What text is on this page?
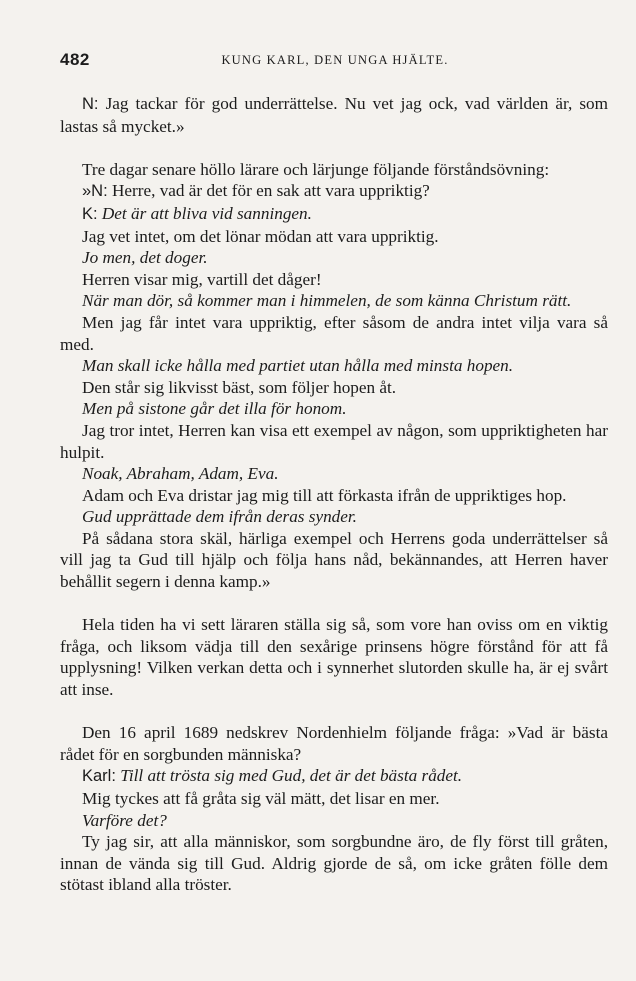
482	KUNG KARL, DEN UNGA HJÄLTE.

N: Jag tackar för god underrättelse. Nu vet jag ock, vad världen är, som lastas så mycket.»

Tre dagar senare höllo lärare och lärjunge följande förståndsövning:

»N: Herre, vad är det för en sak att vara uppriktig?

K: Det är att bliva vid sanningen.

Jag vet intet, om det lönar mödan att vara uppriktig.

Jo men, det doger.

Herren visar mig, vartill det dåger!

När man dör, så kommer man i himmelen, de som känna Christum rätt.

Men jag får intet vara uppriktig, efter såsom de andra intet vilja vara så med.

Man skall icke hålla med partiet utan hålla med minsta hopen.

Den står sig likvisst bäst, som följer hopen åt.

Men på sistone går det illa för honom.

Jag tror intet, Herren kan visa ett exempel av någon, som uppriktigheten har hulpit.

Noak, Abraham, Adam, Eva.

Adam och Eva dristar jag mig till att förkasta ifrån de uppriktiges hop.

Gud upprättade dem ifrån deras synder.

På sådana stora skäl, härliga exempel och Herrens goda underrättelser så vill jag ta Gud till hjälp och följa hans nåd, bekännandes, att Herren haver behållit segern i denna kamp.»

Hela tiden ha vi sett läraren ställa sig så, som vore han oviss om en viktig fråga, och liksom vädja till den sexårige prinsens högre förstånd för att få upplysning! Vilken verkan detta och i synnerhet slutorden skulle ha, är ej svårt att inse.

Den 16 april 1689 nedskrev Nordenhielm följande fråga: »Vad är bästa rådet för en sorgbunden människa?

Karl: Till att trösta sig med Gud, det är det bästa rådet.

Mig tyckes att få gråta sig väl mätt, det lisar en mer.

Varföre det?

Ty jag sir, att alla människor, som sorgbundne äro, de fly först till gråten, innan de vända sig till Gud. Aldrig gjorde de så, om icke gråten fölle dem stötast ibland alla tröster.
